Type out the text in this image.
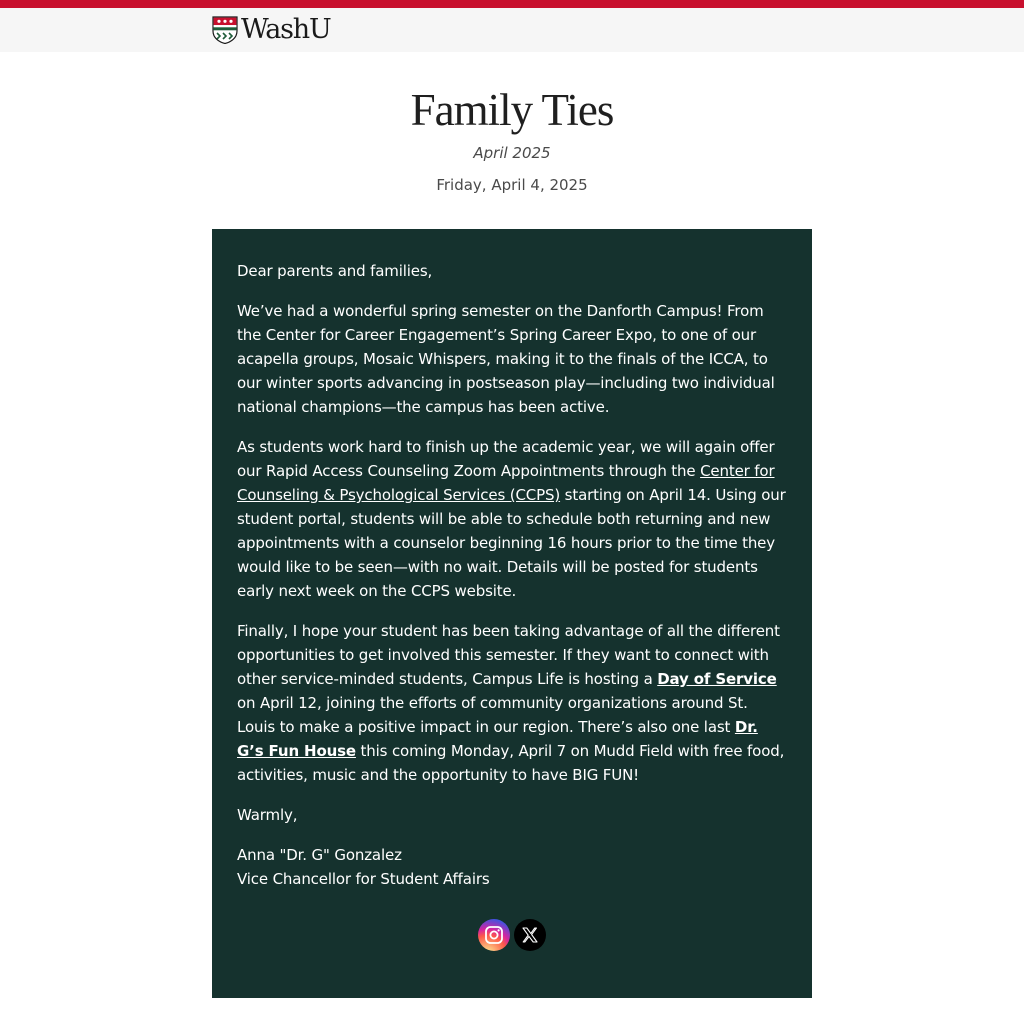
WashU
Family Ties
April 2025
Friday, April 4, 2025

Dear parents and families,

We’ve had a wonderful spring semester on the Danforth Campus! From the Center for Career Engagement’s Spring Career Expo, to one of our acapella groups, Mosaic Whispers, making it to the finals of the ICCA, to our winter sports advancing in postseason play—including two individual national champions—the campus has been active.

As students work hard to finish up the academic year, we will again offer our Rapid Access Counseling Zoom Appointments through the Center for Counseling & Psychological Services (CCPS) starting on April 14. Using our student portal, students will be able to schedule both returning and new appointments with a counselor beginning 16 hours prior to the time they would like to be seen—with no wait. Details will be posted for students early next week on the CCPS website.

Finally, I hope your student has been taking advantage of all the different opportunities to get involved this semester. If they want to connect with other service-minded students, Campus Life is hosting a Day of Service on April 12, joining the efforts of community organizations around St. Louis to make a positive impact in our region. There’s also one last Dr. G’s Fun House this coming Monday, April 7 on Mudd Field with free food, activities, music and the opportunity to have BIG FUN!

Warmly,

Anna "Dr. G" Gonzalez
Vice Chancellor for Student Affairs
